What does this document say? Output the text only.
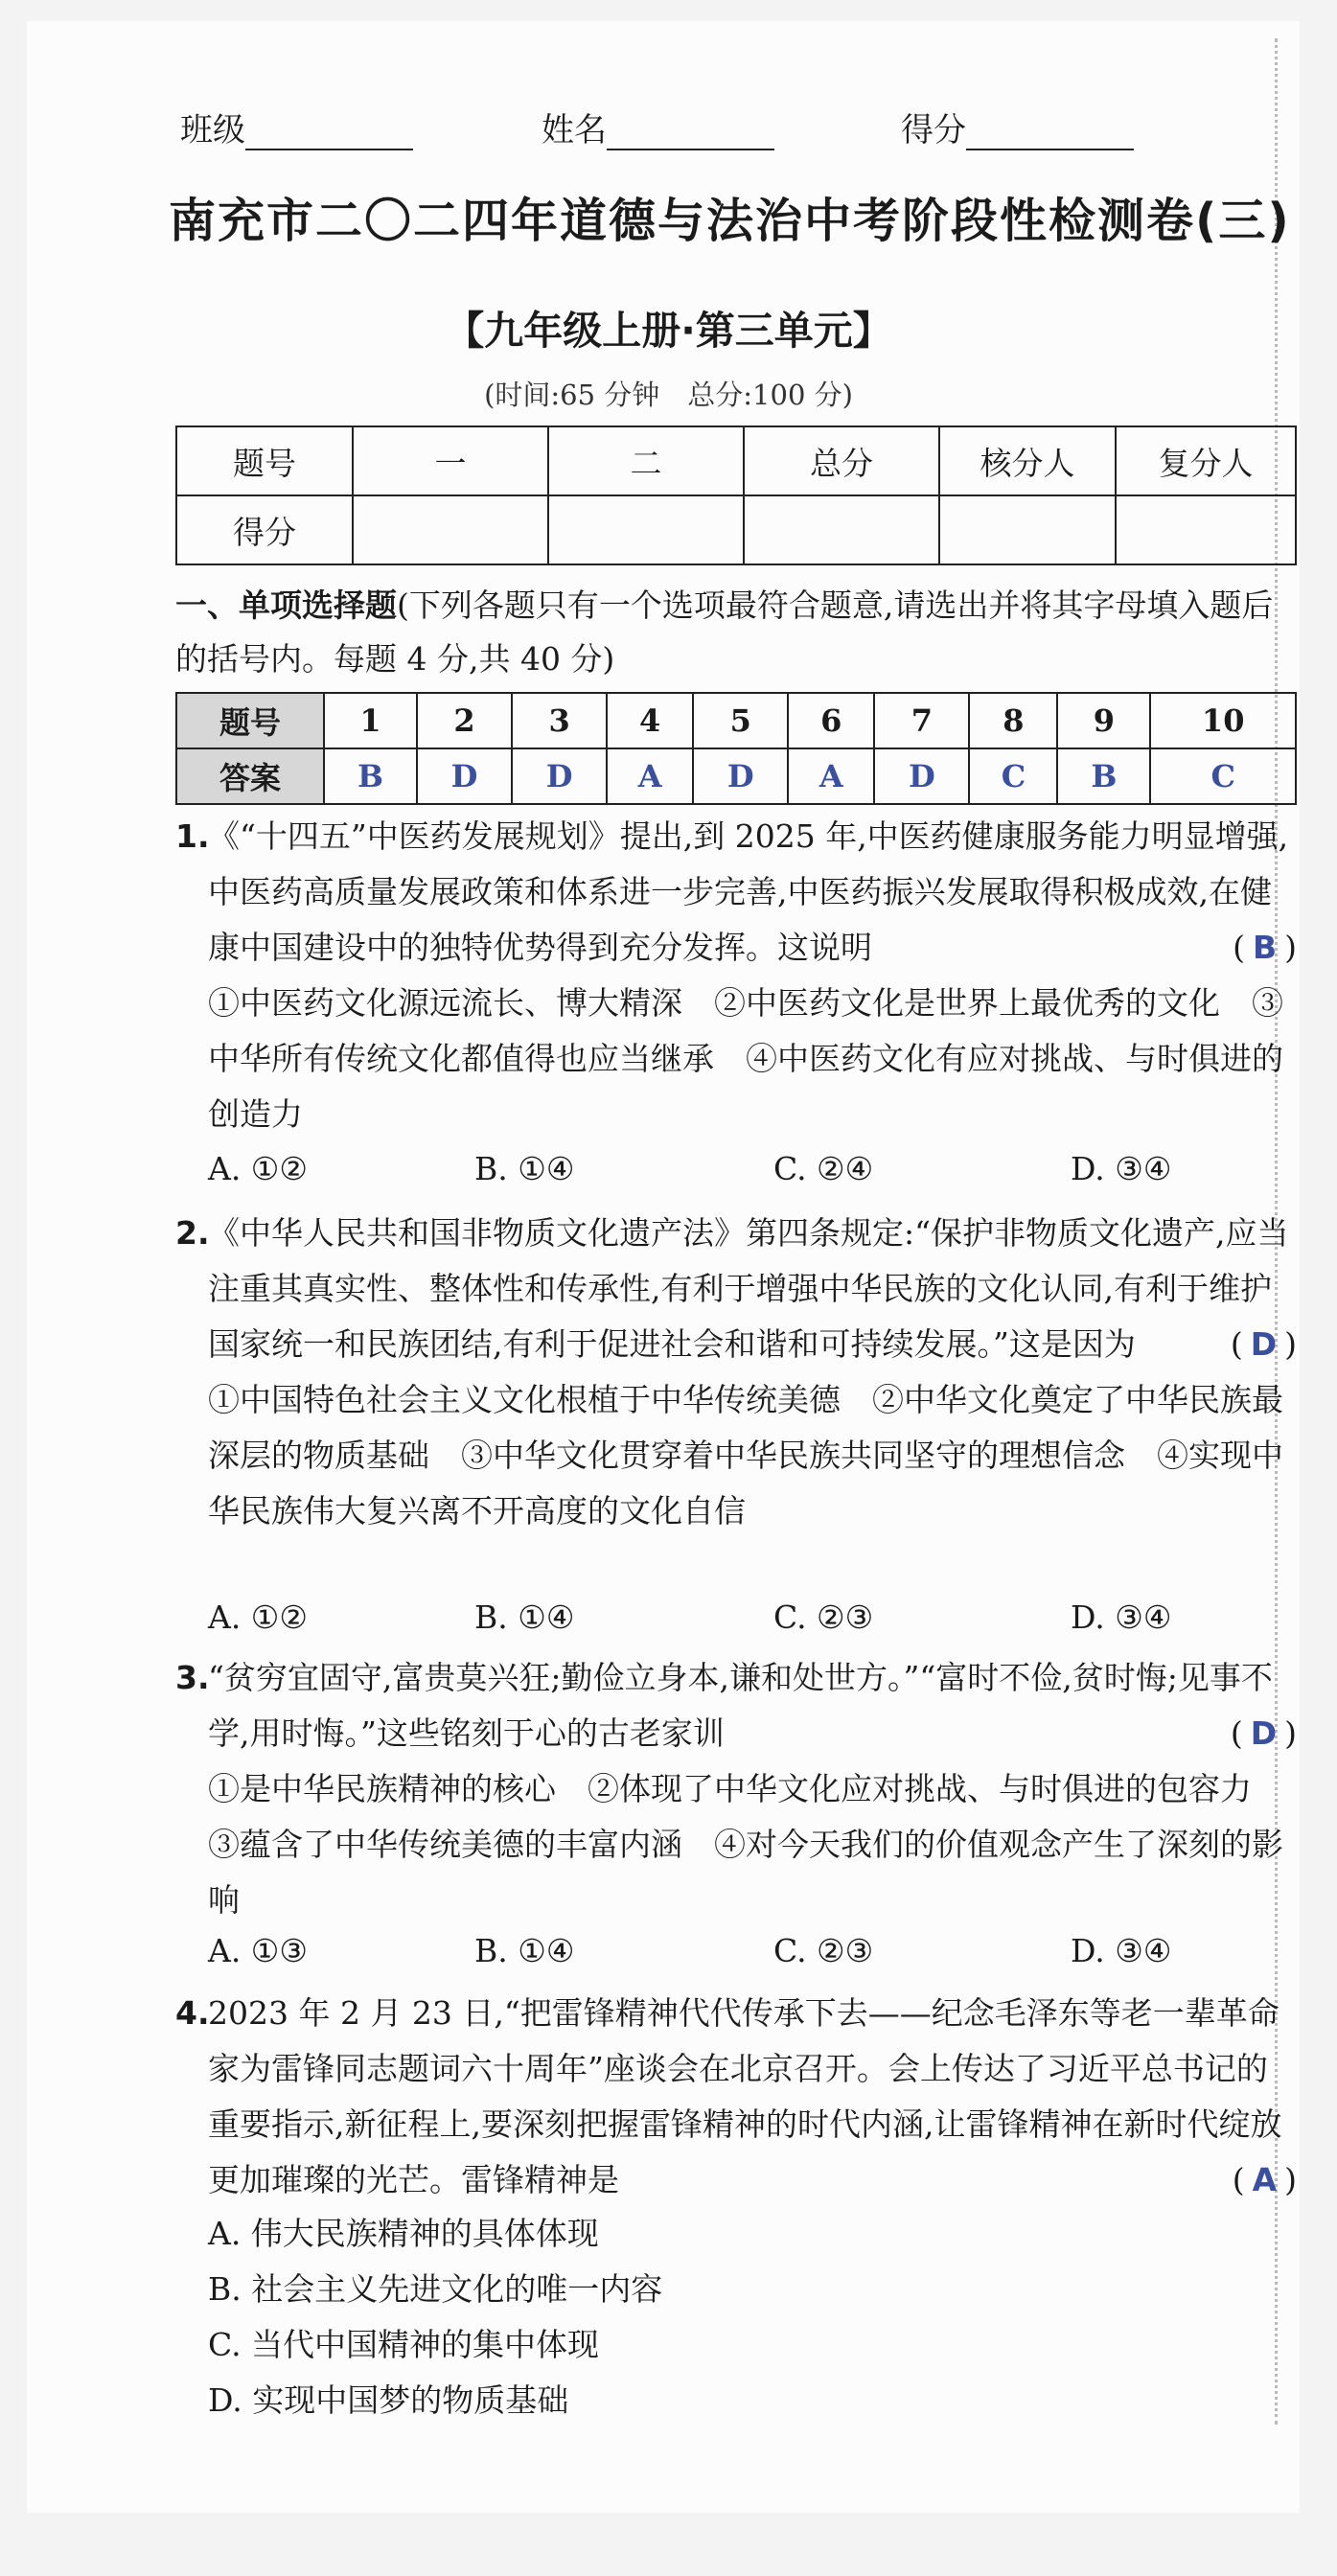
班级	姓名	得分
南充市二〇二四年道德与法治中考阶段性检测卷(三)
【九年级上册·第三单元】
(时间:65 分钟　总分:100 分)
题号	一	二	总分	核分人	复分人
得分					
一、单项选择题(下列各题只有一个选项最符合题意,请选出并将其字母填入题后的括号内。每题 4 分,共 40 分)
题号	1	2	3	4	5	6	7	8	9	10
答案	B	D	D	A	D	A	D	C	B	C
1.
《“十四五”中医药发展规划》提出,到 2025 年,中医药健康服务能力明显增强,中医药高质量发展政策和体系进一步完善,中医药振兴发展取得积极成效,在健康中国建设中的独特优势得到充分发挥。这说明	( B )
①中医药文化源远流长、博大精深　②中医药文化是世界上最优秀的文化　③中华所有传统文化都值得也应当继承　④中医药文化有应对挑战、与时俱进的创造力
A. ①②	B. ①④	C. ②④	D. ③④
2.
《中华人民共和国非物质文化遗产法》第四条规定:“保护非物质文化遗产,应当注重其真实性、整体性和传承性,有利于增强中华民族的文化认同,有利于维护国家统一和民族团结,有利于促进社会和谐和可持续发展。”这是因为	( D )
①中国特色社会主义文化根植于中华传统美德　②中华文化奠定了中华民族最深层的物质基础　③中华文化贯穿着中华民族共同坚守的理想信念　④实现中华民族伟大复兴离不开高度的文化自信
A. ①②	B. ①④	C. ②③	D. ③④
3.
“贫穷宜固守,富贵莫兴狂;勤俭立身本,谦和处世方。”“富时不俭,贫时悔;见事不学,用时悔。”这些铭刻于心的古老家训	( D )
①是中华民族精神的核心　②体现了中华文化应对挑战、与时俱进的包容力　③蕴含了中华传统美德的丰富内涵　④对今天我们的价值观念产生了深刻的影响
A. ①③	B. ①④	C. ②③	D. ③④
4.
2023 年 2 月 23 日,“把雷锋精神代代传承下去——纪念毛泽东等老一辈革命家为雷锋同志题词六十周年”座谈会在北京召开。会上传达了习近平总书记的重要指示,新征程上,要深刻把握雷锋精神的时代内涵,让雷锋精神在新时代绽放更加璀璨的光芒。雷锋精神是	( A )
A. 伟大民族精神的具体体现
B. 社会主义先进文化的唯一内容
C. 当代中国精神的集中体现
D. 实现中国梦的物质基础
